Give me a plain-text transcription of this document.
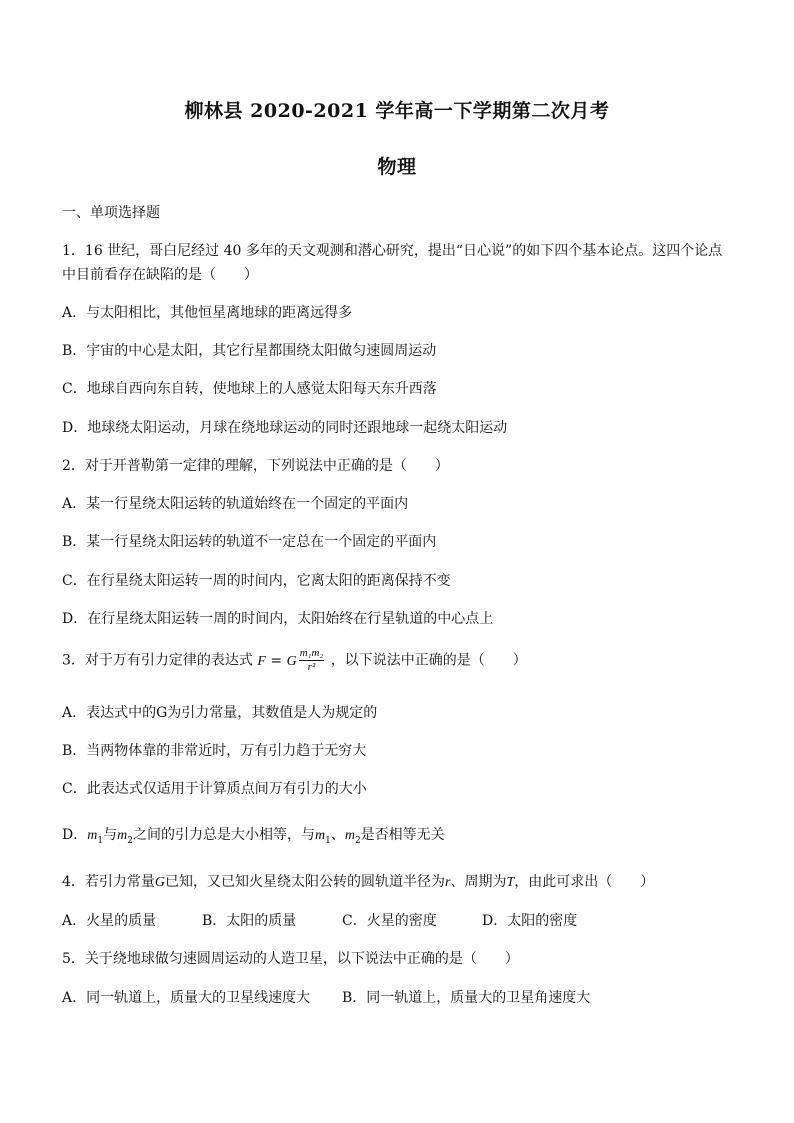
柳林县 2020-2021 学年高一下学期第二次月考
物理
一、单项选择题
1．16 世纪，哥白尼经过 40 多年的天文观测和潜心研究，提出“日心说”的如下四个基本论点。这四个论点
中目前看存在缺陷的是（　　）
A．与太阳相比，其他恒星离地球的距离远得多
B．宇宙的中心是太阳，其它行星都围绕太阳做匀速圆周运动
C．地球自西向东自转，使地球上的人感觉太阳每天东升西落
D．地球绕太阳运动，月球在绕地球运动的同时还跟地球一起绕太阳运动
2．对于开普勒第一定律的理解，下列说法中正确的是（　　）
A．某一行星绕太阳运转的轨道始终在一个固定的平面内
B．某一行星绕太阳运转的轨道不一定总在一个固定的平面内
C．在行星绕太阳运转一周的时间内，它离太阳的距离保持不变
D．在行星绕太阳运转一周的时间内，太阳始终在行星轨道的中心点上
3．对于万有引力定律的表达式 F = G $\frac{\text{m₁m₂}}{\text{r²}}$ ，以下说法中正确的是（　　）
A．表达式中的G为引力常量，其数值是人为规定的
B．当两物体靠的非常近时，万有引力趋于无穷大
C．此表达式仅适用于计算质点间万有引力的大小
D．$m_1$与$m_2$之间的引力总是大小相等，与$m_1$、$m_2$是否相等无关
4．若引力常量G已知，又已知火星绕太阳公转的圆轨道半径为r、周期为T，由此可求出（　　）
A．火星的质量	B．太阳的质量	C．火星的密度	D．太阳的密度
5．关于绕地球做匀速圆周运动的人造卫星，以下说法中正确的是（　　）
A．同一轨道上，质量大的卫星线速度大 B．同一轨道上，质量大的卫星角速度大
